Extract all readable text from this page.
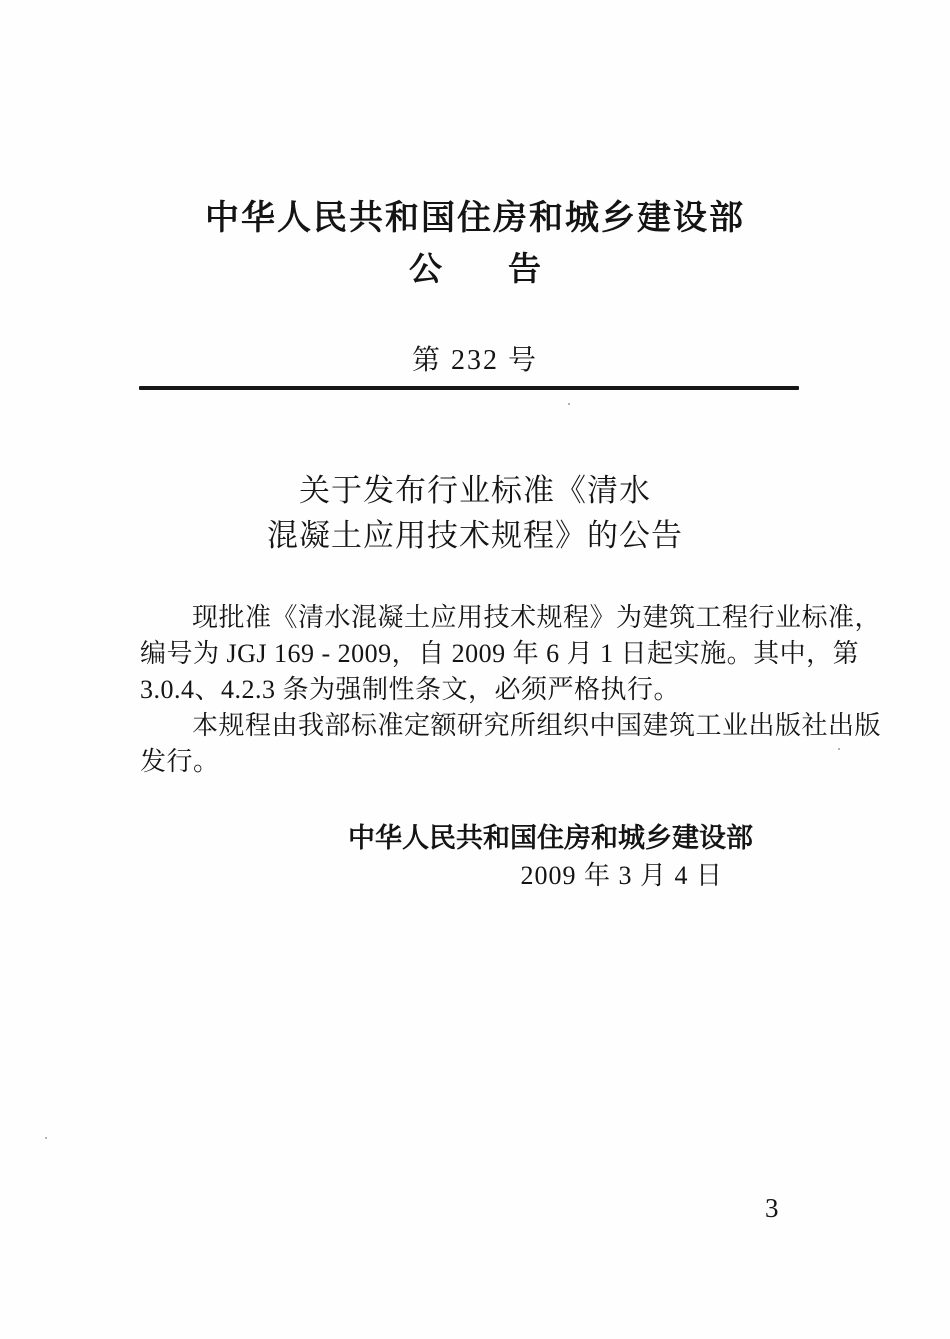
中华人民共和国住房和城乡建设部
公　　告
第 232 号
关于发布行业标准《清水
混凝土应用技术规程》的公告
现批准《清水混凝土应用技术规程》为建筑工程行业标准，
编号为 JGJ 169 - 2009，自 2009 年 6 月 1 日起实施。其中，第
3.0.4、4.2.3 条为强制性条文，必须严格执行。
本规程由我部标准定额研究所组织中国建筑工业出版社出版
发行。
中华人民共和国住房和城乡建设部
2009 年 3 月 4 日
3
